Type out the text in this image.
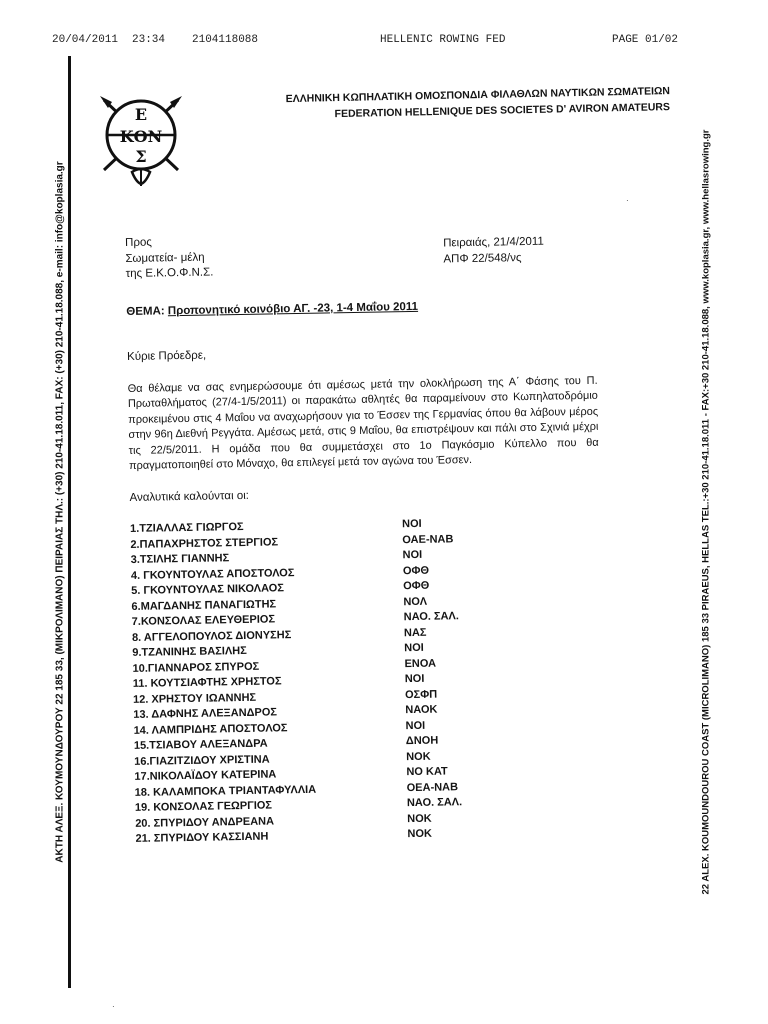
20/04/2011 23:34 2104118088	HELLENIC ROWING FED	PAGE 01/02
ΑΚΤΗ ΑΛΕΞ. ΚΟΥΜΟΥΝΔΟΥΡΟΥ 22 185 33, (ΜΙΚΡΟΛΙΜΑΝΟ) ΠΕΙΡΑΙΑΣ ΤΗΛ.: (+30) 210-41.18.011, FAX: (+30) 210-41.18.088, e-mail: info@koplasia.gr	22 ALEX. KOUMOUNDOUROU COAST (MICROLIMANO) 185 33 PIRAEUS, HELLAS TEL.:+30 210-41.18.011 - FAX:+30 210-41.18.088, www.koplasia.gr, www.hellasrowing.gr
Ε
ΚΟΝ
Σ
ΕΛΛΗΝΙΚΗ ΚΩΠΗΛΑΤΙΚΗ ΟΜΟΣΠΟΝΔΙΑ ΦΙΛΑΘΛΩΝ ΝΑΥΤΙΚΩΝ ΣΩΜΑΤΕΙΩΝ
FEDERATION HELLENIQUE DES SOCIETES D' AVIRON AMATEURS
Προς
Σωματεία- μέλη
της Ε.Κ.Ο.Φ.Ν.Σ.
Πειραιάς, 21/4/2011
ΑΠΦ 22/548/νς
ΘΕΜΑ: Προπονητικό κοινόβιο ΑΓ. -23, 1-4 Μαΐου 2011
Κύριε Πρόεδρε,
Θα θέλαμε να σας ενημερώσουμε ότι αμέσως μετά την ολοκλήρωση της Α΄ Φάσης του Π. Πρωταθλήματος (27/4-1/5/2011) οι παρακάτω αθλητές θα παραμείνουν στο Κωπηλατοδρόμιο προκειμένου στις 4 Μαΐου να αναχωρήσουν για το Έσσεν της Γερμανίας όπου θα λάβουν μέρος στην 96η Διεθνή Ρεγγάτα. Αμέσως μετά, στις 9 Μαΐου, θα επιστρέψουν και πάλι στο Σχινιά μέχρι τις 22/5/2011. Η ομάδα που θα συμμετάσχει στο 1ο Παγκόσμιο Κύπελλο που θα πραγματοποιηθεί στο Μόναχο, θα επιλεγεί μετά τον αγώνα του Έσσεν.
Αναλυτικά καλούνται οι:
1.ΤΖΙΑΛΛΑΣ ΓΙΩΡΓΟΣ	ΝΟΙ
2.ΠΑΠΑΧΡΗΣΤΟΣ ΣΤΕΡΓΙΟΣ	ΟΑΕ-ΝΑΒ
3.ΤΣΙΛΗΣ ΓΙΑΝΝΗΣ	ΝΟΙ
4. ΓΚΟΥΝΤΟΥΛΑΣ ΑΠΟΣΤΟΛΟΣ	ΟΦΘ
5. ΓΚΟΥΝΤΟΥΛΑΣ ΝΙΚΟΛΑΟΣ	ΟΦΘ
6.ΜΑΓΔΑΝΗΣ ΠΑΝΑΓΙΩΤΗΣ	ΝΟΛ
7.ΚΟΝΣΟΛΑΣ ΕΛΕΥΘΕΡΙΟΣ	ΝΑΟ. ΣΑΛ.
8. ΑΓΓΕΛΟΠΟΥΛΟΣ ΔΙΟΝΥΣΗΣ	ΝΑΣ
9.ΤΖΑΝΙΝΗΣ ΒΑΣΙΛΗΣ	ΝΟΙ
10.ΓΙΑΝΝΑΡΟΣ ΣΠΥΡΟΣ	ΕΝΟΑ
11. ΚΟΥΤΣΙΑΦΤΗΣ ΧΡΗΣΤΟΣ	ΝΟΙ
12. ΧΡΗΣΤΟΥ ΙΩΑΝΝΗΣ	ΟΣΦΠ
13. ΔΑΦΝΗΣ ΑΛΕΞΑΝΔΡΟΣ	ΝΑΟΚ
14. ΛΑΜΠΡΙΔΗΣ ΑΠΟΣΤΟΛΟΣ	ΝΟΙ
15.ΤΣΙΑΒΟΥ ΑΛΕΞΑΝΔΡΑ	ΔΝΟΗ
16.ΓΙΑΖΙΤΖΙΔΟΥ ΧΡΙΣΤΙΝΑ	ΝΟΚ
17.ΝΙΚΟΛΑΪΔΟΥ ΚΑΤΕΡΙΝΑ	ΝΟ ΚΑΤ
18. ΚΑΛΑΜΠΟΚΑ ΤΡΙΑΝΤΑΦΥΛΛΙΑ	ΟΕΑ-ΝΑΒ
19. ΚΟΝΣΟΛΑΣ ΓΕΩΡΓΙΟΣ	ΝΑΟ. ΣΑΛ.
20. ΣΠΥΡΙΔΟΥ ΑΝΔΡΕΑΝΑ	ΝΟΚ
21. ΣΠΥΡΙΔΟΥ ΚΑΣΣΙΑΝΗ	ΝΟΚ
·
·
